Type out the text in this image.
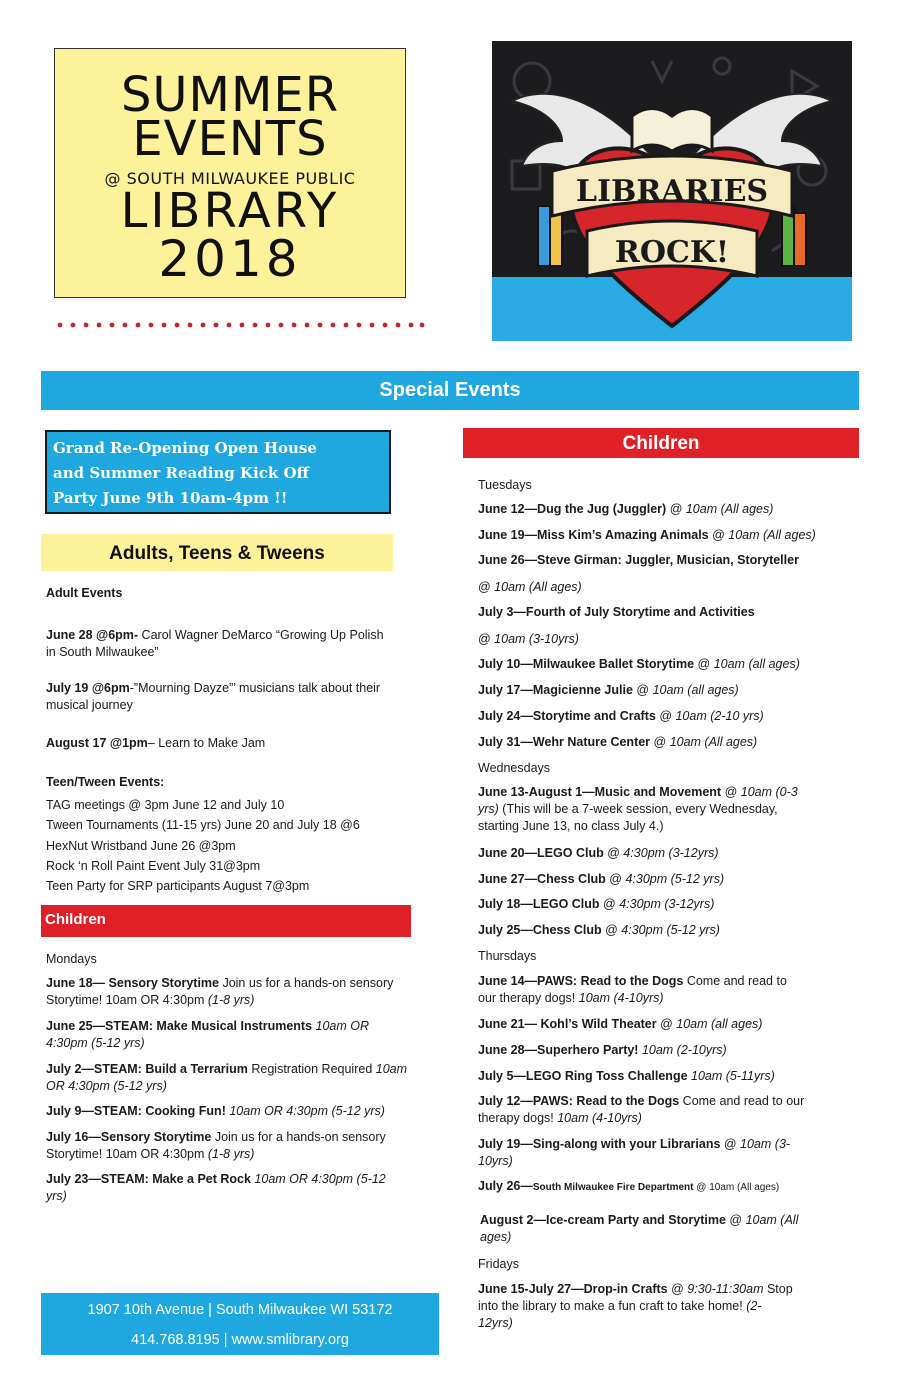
SUMMER
EVENTS
@ SOUTH MILWAUKEE PUBLIC
LIBRARY
2018
LIBRARIES
ROCK!
Special Events
Grand Re-Opening Open House
and Summer Reading Kick Off
Party June 9th 10am-4pm !!
Children
Adults, Teens & Tweens
Adult Events
June 28 @6pm- Carol Wagner DeMarco “Growing Up Polish
in South Milwaukee”
July 19 @6pm-”Mourning Dayze”’ musicians talk about their
musical journey
August 17 @1pm– Learn to Make Jam
Teen/Tween Events:
TAG meetings @ 3pm June 12 and July 10
Tween Tournaments (11-15 yrs) June 20 and July 18 @6
HexNut Wristband June 26 @3pm
Rock ‘n Roll Paint Event July 31@3pm
Teen Party for SRP participants August 7@3pm
Children
Mondays
June 18— Sensory Storytime Join us for a hands-on sensory
Storytime! 10am OR 4:30pm (1-8 yrs)
June 25—STEAM: Make Musical Instruments 10am OR
4:30pm (5-12 yrs)
July 2—STEAM: Build a Terrarium Registration Required 10am
OR 4:30pm (5-12 yrs)
July 9—STEAM: Cooking Fun! 10am OR 4:30pm (5-12 yrs)
July 16—Sensory Storytime Join us for a hands-on sensory
Storytime! 10am OR 4:30pm (1-8 yrs)
July 23—STEAM: Make a Pet Rock 10am OR 4:30pm (5-12
yrs)
Tuesdays
June 12—Dug the Jug (Juggler) @ 10am (All ages)
June 19—Miss Kim’s Amazing Animals @ 10am (All ages)
June 26—Steve Girman: Juggler, Musician, Storyteller
@ 10am (All ages)
July 3—Fourth of July Storytime and Activities
@ 10am (3-10yrs)
July 10—Milwaukee Ballet Storytime @ 10am (all ages)
July 17—Magicienne Julie @ 10am (all ages)
July 24—Storytime and Crafts @ 10am (2-10 yrs)
July 31—Wehr Nature Center @ 10am (All ages)
Wednesdays
June 13-August 1—Music and Movement @ 10am (0-3
yrs) (This will be a 7-week session, every Wednesday,
starting June 13, no class July 4.)
June 20—LEGO Club @ 4:30pm (3-12yrs)
June 27—Chess Club @ 4:30pm (5-12 yrs)
July 18—LEGO Club @ 4:30pm (3-12yrs)
July 25—Chess Club @ 4:30pm (5-12 yrs)
Thursdays
June 14—PAWS: Read to the Dogs Come and read to
our therapy dogs! 10am (4-10yrs)
June 21— Kohl’s Wild Theater @ 10am (all ages)
June 28—Superhero Party! 10am (2-10yrs)
July 5—LEGO Ring Toss Challenge 10am (5-11yrs)
July 12—PAWS: Read to the Dogs Come and read to our
therapy dogs! 10am (4-10yrs)
July 19—Sing-along with your Librarians @ 10am (3-
10yrs)
July 26—South Milwaukee Fire Department @ 10am (All ages)
August 2—Ice-cream Party and Storytime @ 10am (All
ages)
Fridays
June 15-July 27—Drop-in Crafts @ 9:30-11:30am Stop
into the library to make a fun craft to take home! (2-
12yrs)
1907 10th Avenue | South Milwaukee WI 53172
414.768.8195 | www.smlibrary.org
